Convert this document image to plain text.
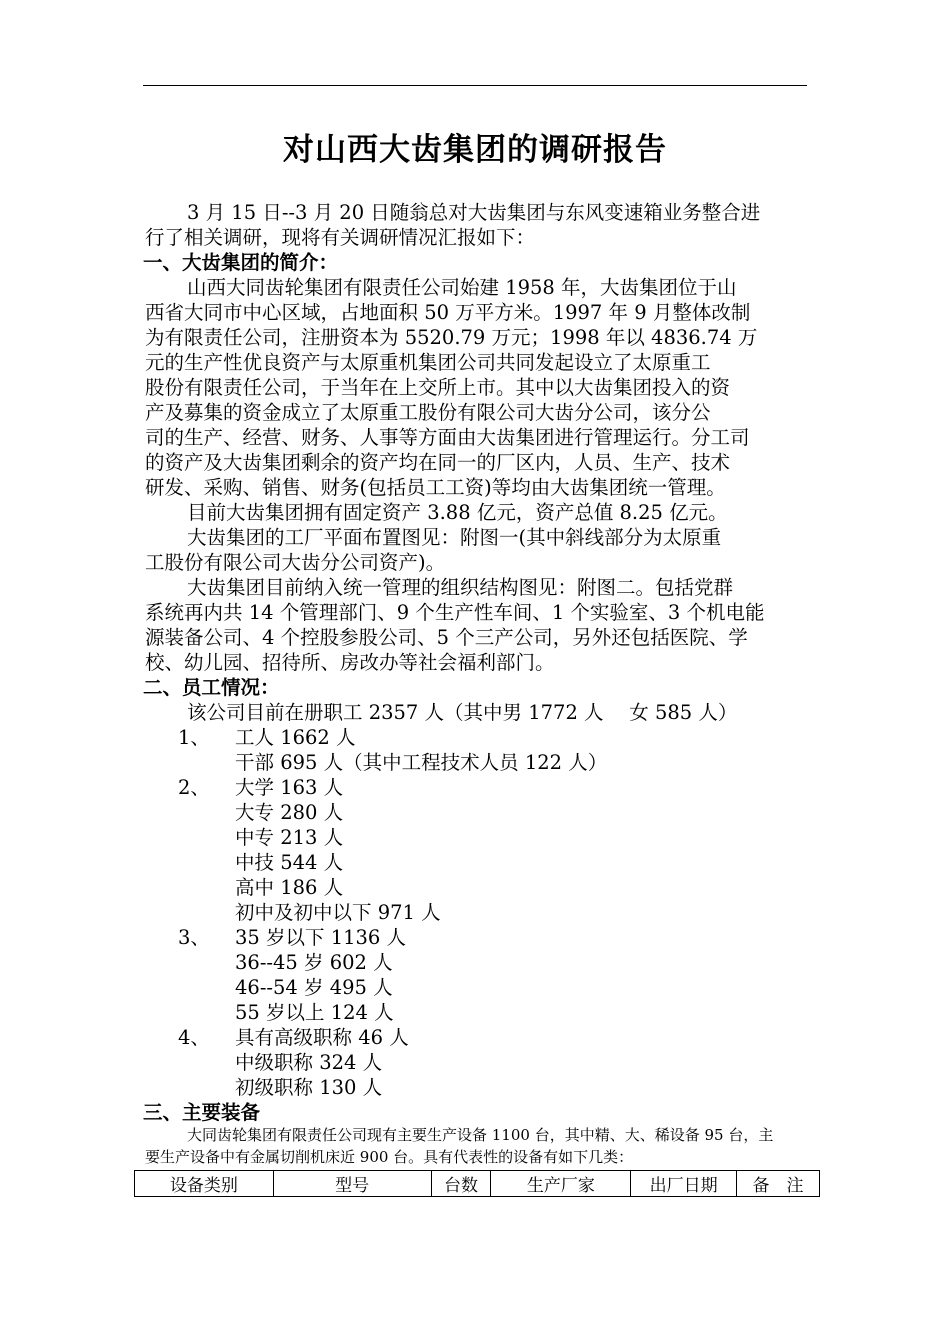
对山西大齿集团的调研报告
3 月 15 日--3 月 20 日随翁总对大齿集团与东风变速箱业务整合进
行了相关调研，现将有关调研情况汇报如下：
一、大齿集团的简介：
山西大同齿轮集团有限责任公司始建 1958 年，大齿集团位于山
西省大同市中心区域，占地面积 50 万平方米。1997 年 9 月整体改制
为有限责任公司，注册资本为 5520.79 万元；1998 年以 4836.74 万
元的生产性优良资产与太原重机集团公司共同发起设立了太原重工
股份有限责任公司，于当年在上交所上市。其中以大齿集团投入的资
产及募集的资金成立了太原重工股份有限公司大齿分公司，该分公
司的生产、经营、财务、人事等方面由大齿集团进行管理运行。分工司
的资产及大齿集团剩余的资产均在同一的厂区内，人员、生产、技术
研发、采购、销售、财务(包括员工工资)等均由大齿集团统一管理。
目前大齿集团拥有固定资产 3.88 亿元，资产总值 8.25 亿元。
大齿集团的工厂平面布置图见：附图一(其中斜线部分为太原重
工股份有限公司大齿分公司资产)。
大齿集团目前纳入统一管理的组织结构图见：附图二。包括党群
系统再内共 14 个管理部门、9 个生产性车间、1 个实验室、3 个机电能
源装备公司、4 个控股参股公司、5 个三产公司，另外还包括医院、学
校、幼儿园、招待所、房改办等社会福利部门。
二、员工情况：
该公司目前在册职工 2357 人（其中男 1772 人　 女 585 人）
1、 工人 1662 人
干部 695 人（其中工程技术人员 122 人）
2、 大学 163 人
大专 280 人
中专 213 人
中技 544 人
高中 186 人
初中及初中以下 971 人
3、 35 岁以下 1136 人
36--45 岁 602 人
46--54 岁 495 人
55 岁以上 124 人
4、 具有高级职称 46 人
中级职称 324 人
初级职称 130 人
三、主要装备
大同齿轮集团有限责任公司现有主要生产设备 1100 台，其中精、大、稀设备 95 台，主
要生产设备中有金属切削机床近 900 台。具有代表性的设备有如下几类：
设备类别	型号	台数	生产厂家	出厂日期	备　注
